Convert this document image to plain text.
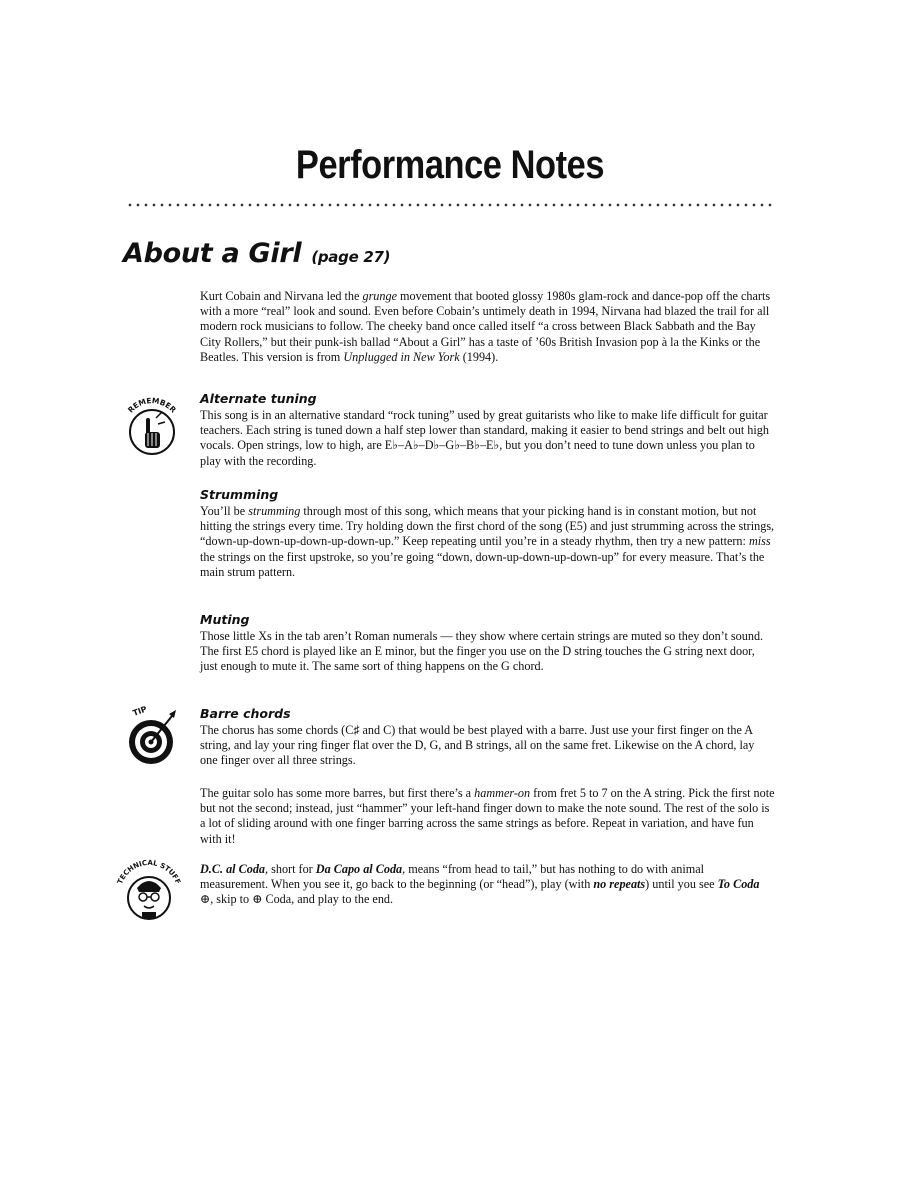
Performance Notes
About a Girl (page 27)

Kurt Cobain and Nirvana led the grunge movement that booted glossy 1980s glam-rock and dance-pop off the charts with a more “real” look and sound. Even before Cobain’s untimely death in 1994, Nirvana had blazed the trail for all modern rock musicians to follow. The cheeky band once called itself “a cross between Black Sabbath and the Bay City Rollers,” but their punk-ish ballad “About a Girl” has a taste of ’60s British Invasion pop à la the Kinks or the Beatles. This version is from Unplugged in New York (1994).

REMEMBER
Alternate tuning

This song is in an alternative standard “rock tuning” used by great guitarists who like to make life difficult for guitar teachers. Each string is tuned down a half step lower than standard, making it easier to bend strings and belt out high vocals. Open strings, low to high, are E♭–A♭–D♭–G♭–B♭–E♭, but you don’t need to tune down unless you plan to play with the recording.

Strumming

You’ll be strumming through most of this song, which means that your picking hand is in constant motion, but not hitting the strings every time. Try holding down the first chord of the song (E5) and just strumming across the strings, “down-up-down-up-down-up-down-up.” Keep repeating until you’re in a steady rhythm, then try a new pattern: miss the strings on the first upstroke, so you’re going “down, down-up-down-up-down-up” for every measure. That’s the main strum pattern.

Muting

Those little Xs in the tab aren’t Roman numerals — they show where certain strings are muted so they don’t sound. The first E5 chord is played like an E minor, but the finger you use on the D string touches the G string next door, just enough to mute it. The same sort of thing happens on the G chord.

TIP	Barre chords

The chorus has some chords (C♯ and C) that would be best played with a barre. Just use your first finger on the A string, and lay your ring finger flat over the D, G, and B strings, all on the same fret. Likewise on the A chord, lay one finger over all three strings.

The guitar solo has some more barres, but first there’s a hammer-on from fret 5 to 7 on the A string. Pick the first note but not the second; instead, just “hammer” your left-hand finger down to make the note sound. The rest of the solo is a lot of sliding around with one finger barring across the same strings as before. Repeat in variation, and have fun with it!

TECHNICAL STUFF

D.C. al Coda, short for Da Capo al Coda, means “from head to tail,” but has nothing to do with animal measurement. When you see it, go back to the beginning (or “head”), play (with no repeats) until you see To Coda ⊕, skip to ⊕ Coda, and play to the end.
